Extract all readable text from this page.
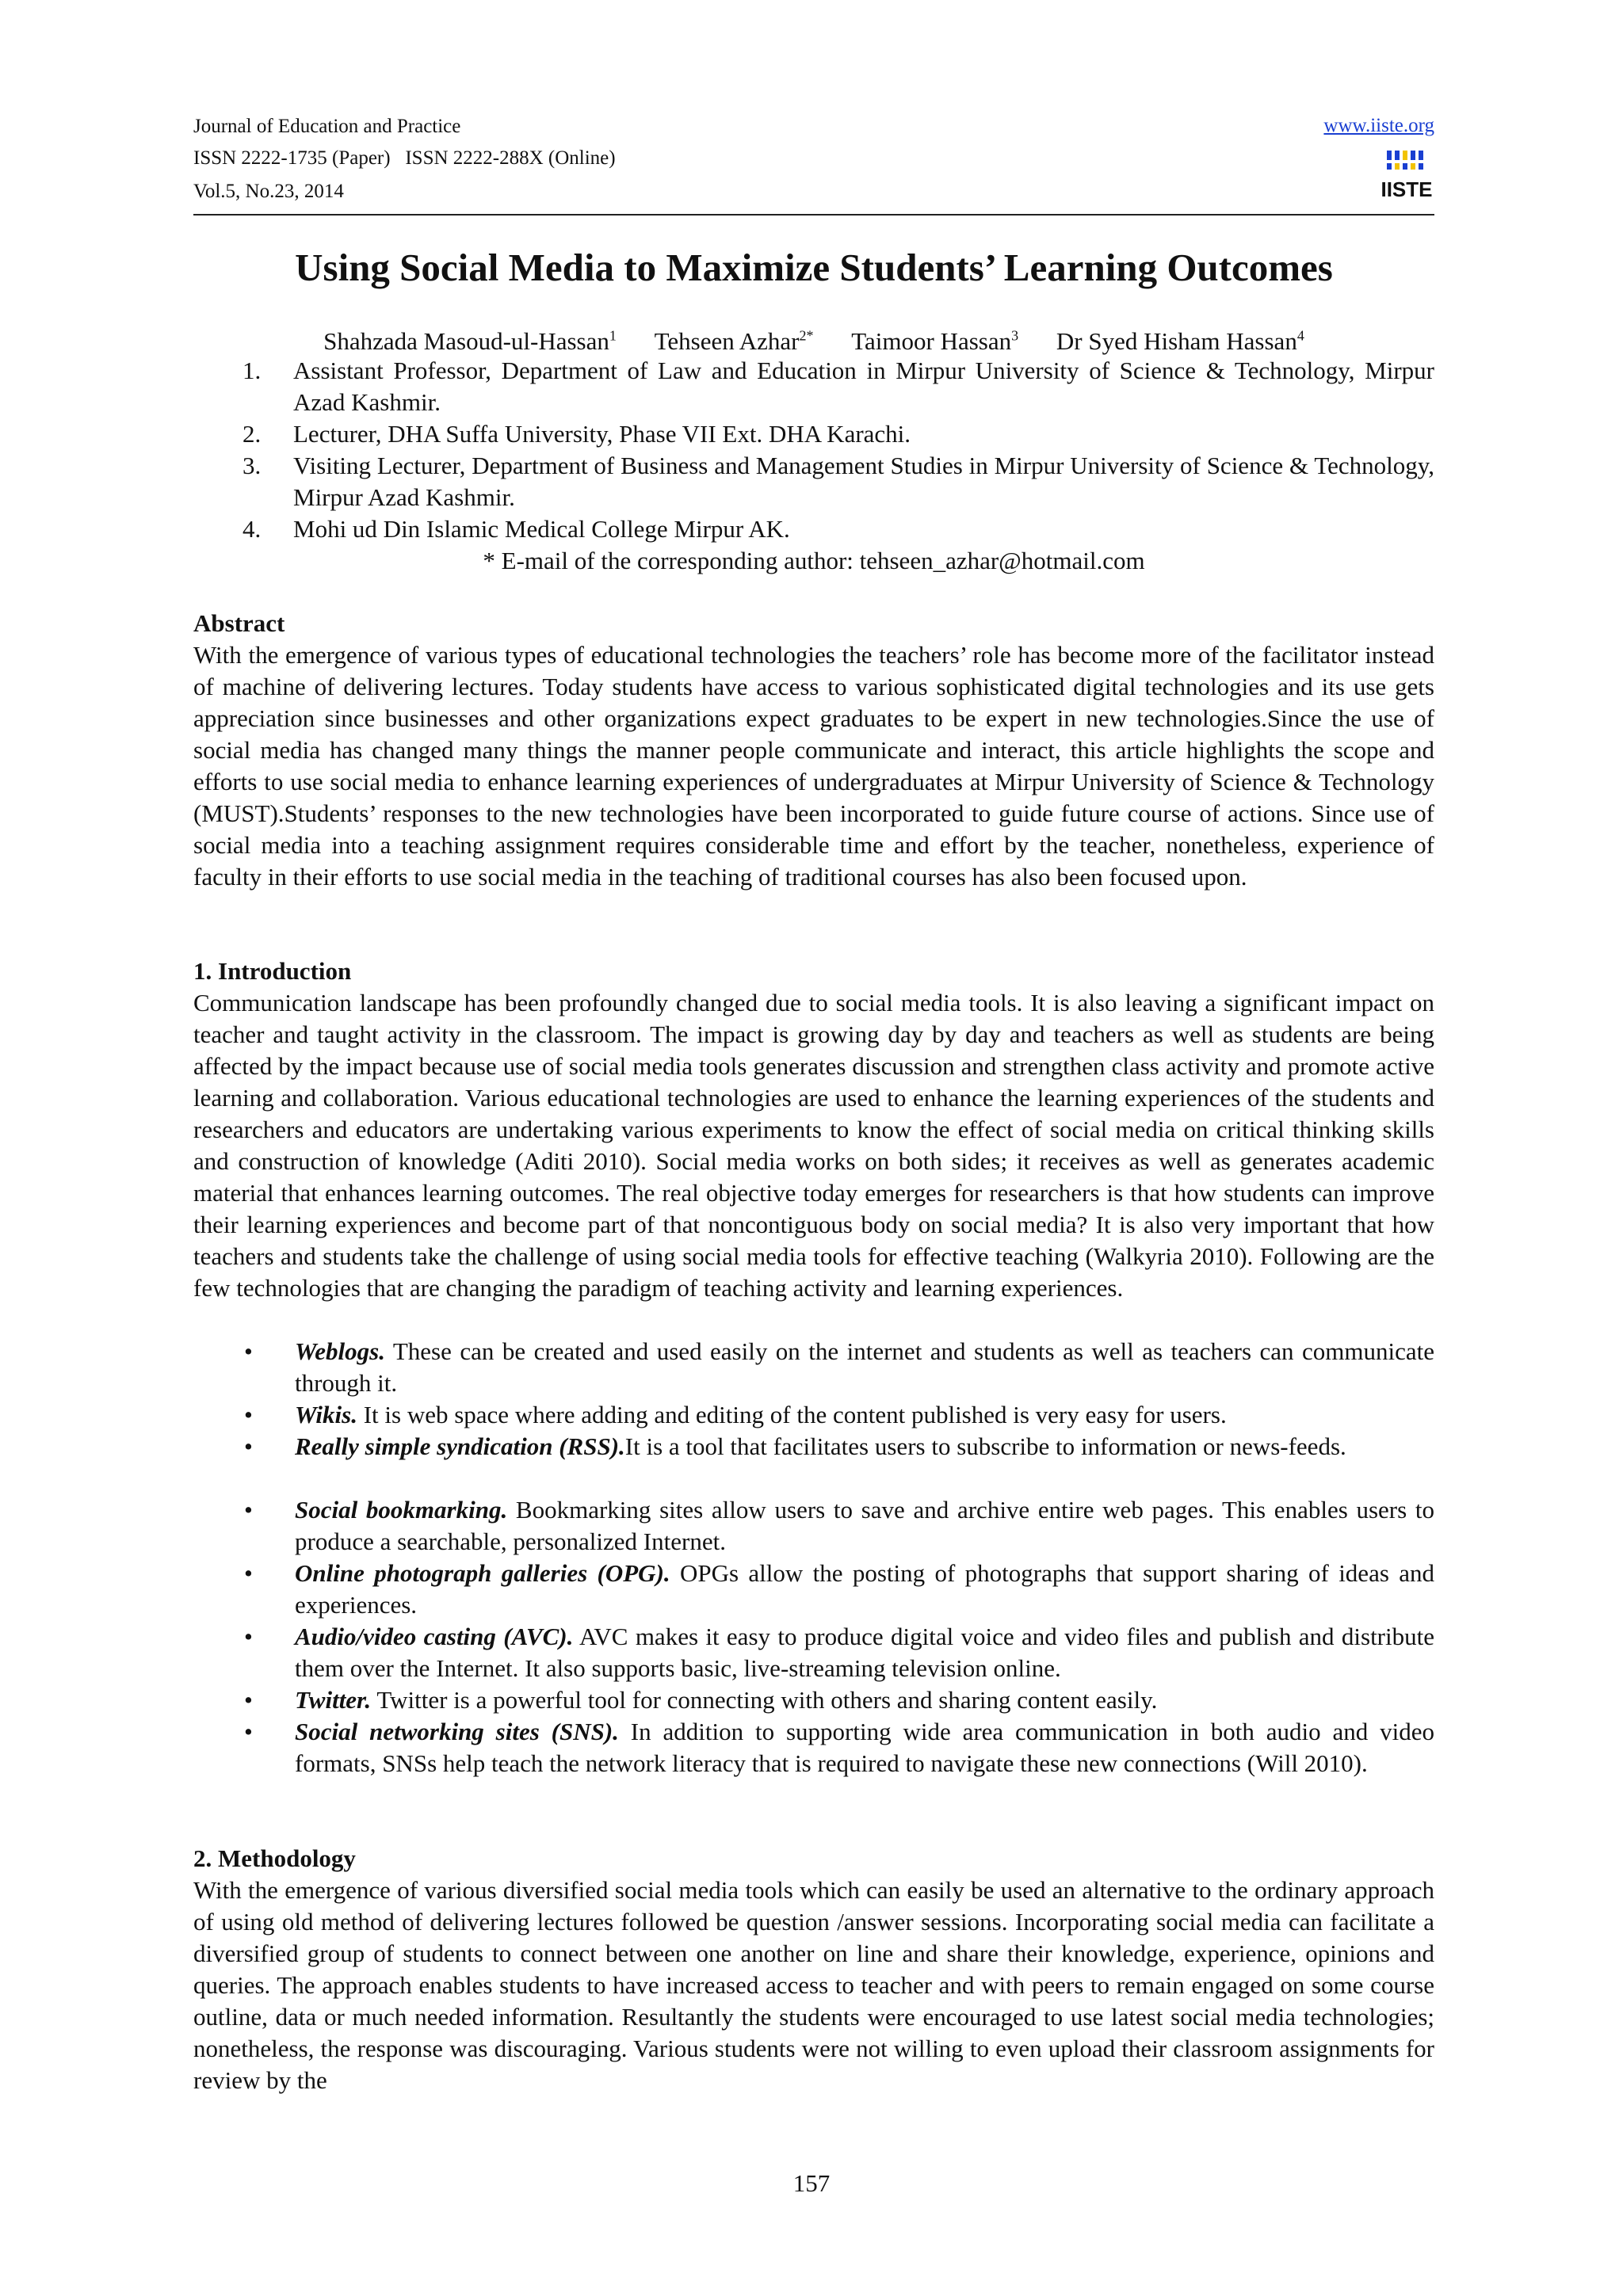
Journal of Education and Practice
ISSN 2222-1735 (Paper)   ISSN 2222-288X (Online)
Vol.5, No.23, 2014
www.iiste.org
IISTE
Using Social Media to Maximize Students’ Learning Outcomes
Shahzada Masoud-ul-Hassan$^1$ Tehseen Azhar$^{2*}$ Taimoor Hassan$^3$ Dr Syed Hisham Hassan$^4$
1.	Assistant Professor, Department of Law and Education in Mirpur University of Science & Technology, Mirpur Azad Kashmir.
2.	Lecturer, DHA Suffa University, Phase VII Ext. DHA Karachi.
3.	Visiting Lecturer, Department of Business and Management Studies in Mirpur University of Science & Technology, Mirpur Azad Kashmir.
4.	Mohi ud Din Islamic Medical College Mirpur AK.
* E-mail of the corresponding author: tehseen_azhar@hotmail.com
Abstract
With the emergence of various types of educational technologies the teachers’ role has become more of the facilitator instead of machine of delivering lectures. Today students have access to various sophisticated digital technologies and its use gets appreciation since businesses and other organizations expect graduates to be expert in new technologies.Since the use of social media has changed many things the manner people communicate and interact, this article highlights the scope and efforts to use social media to enhance learning experiences of undergraduates at Mirpur University of Science & Technology (MUST).Students’ responses to the new technologies have been incorporated to guide future course of actions. Since use of social media into a teaching assignment requires considerable time and effort by the teacher, nonetheless, experience of faculty in their efforts to use social media in the teaching of traditional courses has also been focused upon.
1. Introduction
Communication landscape has been profoundly changed due to social media tools. It is also leaving a significant impact on teacher and taught activity in the classroom. The impact is growing day by day and teachers as well as students are being affected by the impact because use of social media tools generates discussion and strengthen class activity and promote active learning and collaboration. Various educational technologies are used to enhance the learning experiences of the students and researchers and educators are undertaking various experiments to know the effect of social media on critical thinking skills and construction of knowledge (Aditi 2010). Social media works on both sides; it receives as well as generates academic material that enhances learning outcomes. The real objective today emerges for researchers is that how students can improve their learning experiences and become part of that noncontiguous body on social media? It is also very important that how teachers and students take the challenge of using social media tools for effective teaching (Walkyria 2010). Following are the few technologies that are changing the paradigm of teaching activity and learning experiences.
• Weblogs. These can be created and used easily on the internet and students as well as teachers can communicate through it.
• Wikis. It is web space where adding and editing of the content published is very easy for users.
• Really simple syndication (RSS).It is a tool that facilitates users to subscribe to information or news-feeds.
• Social bookmarking. Bookmarking sites allow users to save and archive entire web pages. This enables users to produce a searchable, personalized Internet.
• Online photograph galleries (OPG). OPGs allow the posting of photographs that support sharing of ideas and experiences.
• Audio/video casting (AVC). AVC makes it easy to produce digital voice and video files and publish and distribute them over the Internet. It also supports basic, live-streaming television online.
• Twitter. Twitter is a powerful tool for connecting with others and sharing content easily.
• Social networking sites (SNS). In addition to supporting wide area communication in both audio and video formats, SNSs help teach the network literacy that is required to navigate these new connections (Will 2010).
2. Methodology
With the emergence of various diversified social media tools which can easily be used an alternative to the ordinary approach of using old method of delivering lectures followed be question /answer sessions. Incorporating social media can facilitate a diversified group of students to connect between one another on line and share their knowledge, experience, opinions and queries. The approach enables students to have increased access to teacher and with peers to remain engaged on some course outline, data or much needed information. Resultantly the students were encouraged to use latest social media technologies; nonetheless, the response was discouraging. Various students were not willing to even upload their classroom assignments for review by the
157
